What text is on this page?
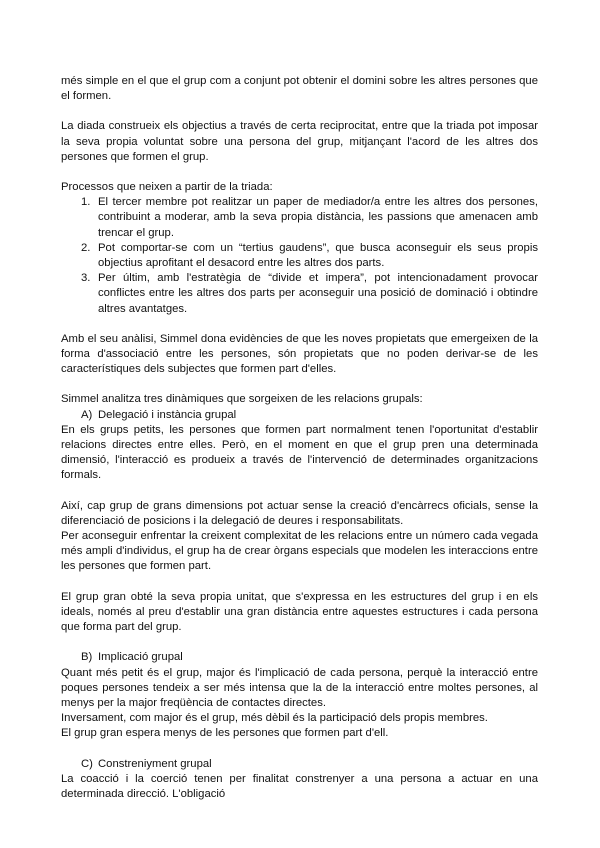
més simple en el que el grup com a conjunt pot obtenir el domini sobre les altres persones que el formen.

La diada construeix els objectius a través de certa reciprocitat, entre que la triada pot imposar la seva propia voluntat sobre una persona del grup, mitjançant l'acord de les altres dos persones que formen el grup.

Processos que neixen a partir de la triada:

1. El tercer membre pot realitzar un paper de mediador/a entre les altres dos persones, contribuint a moderar, amb la seva propia distància, les passions que amenacen amb trencar el grup.
2. Pot comportar-se com un “tertius gaudens”, que busca aconseguir els seus propis objectius aprofitant el desacord entre les altres dos parts.
3. Per últim, amb l'estratègia de “divide et impera”, pot intencionadament provocar conflictes entre les altres dos parts per aconseguir una posició de dominació i obtindre altres avantatges.

Amb el seu anàlisi, Simmel dona evidències de que les noves propietats que emergeixen de la forma d'associació entre les persones, són propietats que no poden derivar-se de les característiques dels subjectes que formen part d'elles.

Simmel analitza tres dinàmiques que sorgeixen de les relacions grupals:

A) Delegació i instància grupal

En els grups petits, les persones que formen part normalment tenen l'oportunitat d'establir relacions directes entre elles. Però, en el moment en que el grup pren una determinada dimensió, l'interacció es produeix a través de l'intervenció de determinades organitzacions formals.

Així, cap grup de grans dimensions pot actuar sense la creació d'encàrrecs oficials, sense la diferenciació de posicions i la delegació de deures i responsabilitats.

Per aconseguir enfrentar la creixent complexitat de les relacions entre un número cada vegada més ampli d'individus, el grup ha de crear òrgans especials que modelen les interaccions entre les persones que formen part.

El grup gran obté la seva propia unitat, que s'expressa en les estructures del grup i en els ideals, només al preu d'establir una gran distància entre aquestes estructures i cada persona que forma part del grup.

B) Implicació grupal

Quant més petit és el grup, major és l'implicació de cada persona, perquè la interacció entre poques persones tendeix a ser més intensa que la de la interacció entre moltes persones, al menys per la major freqüència de contactes directes.

Inversament, com major és el grup, més dèbil és la participació dels propis membres.

El grup gran espera menys de les persones que formen part d'ell.

C) Constreniyment grupal

La coacció i la coerció tenen per finalitat constrenyer a una persona a actuar en una determinada direcció. L'obligació
